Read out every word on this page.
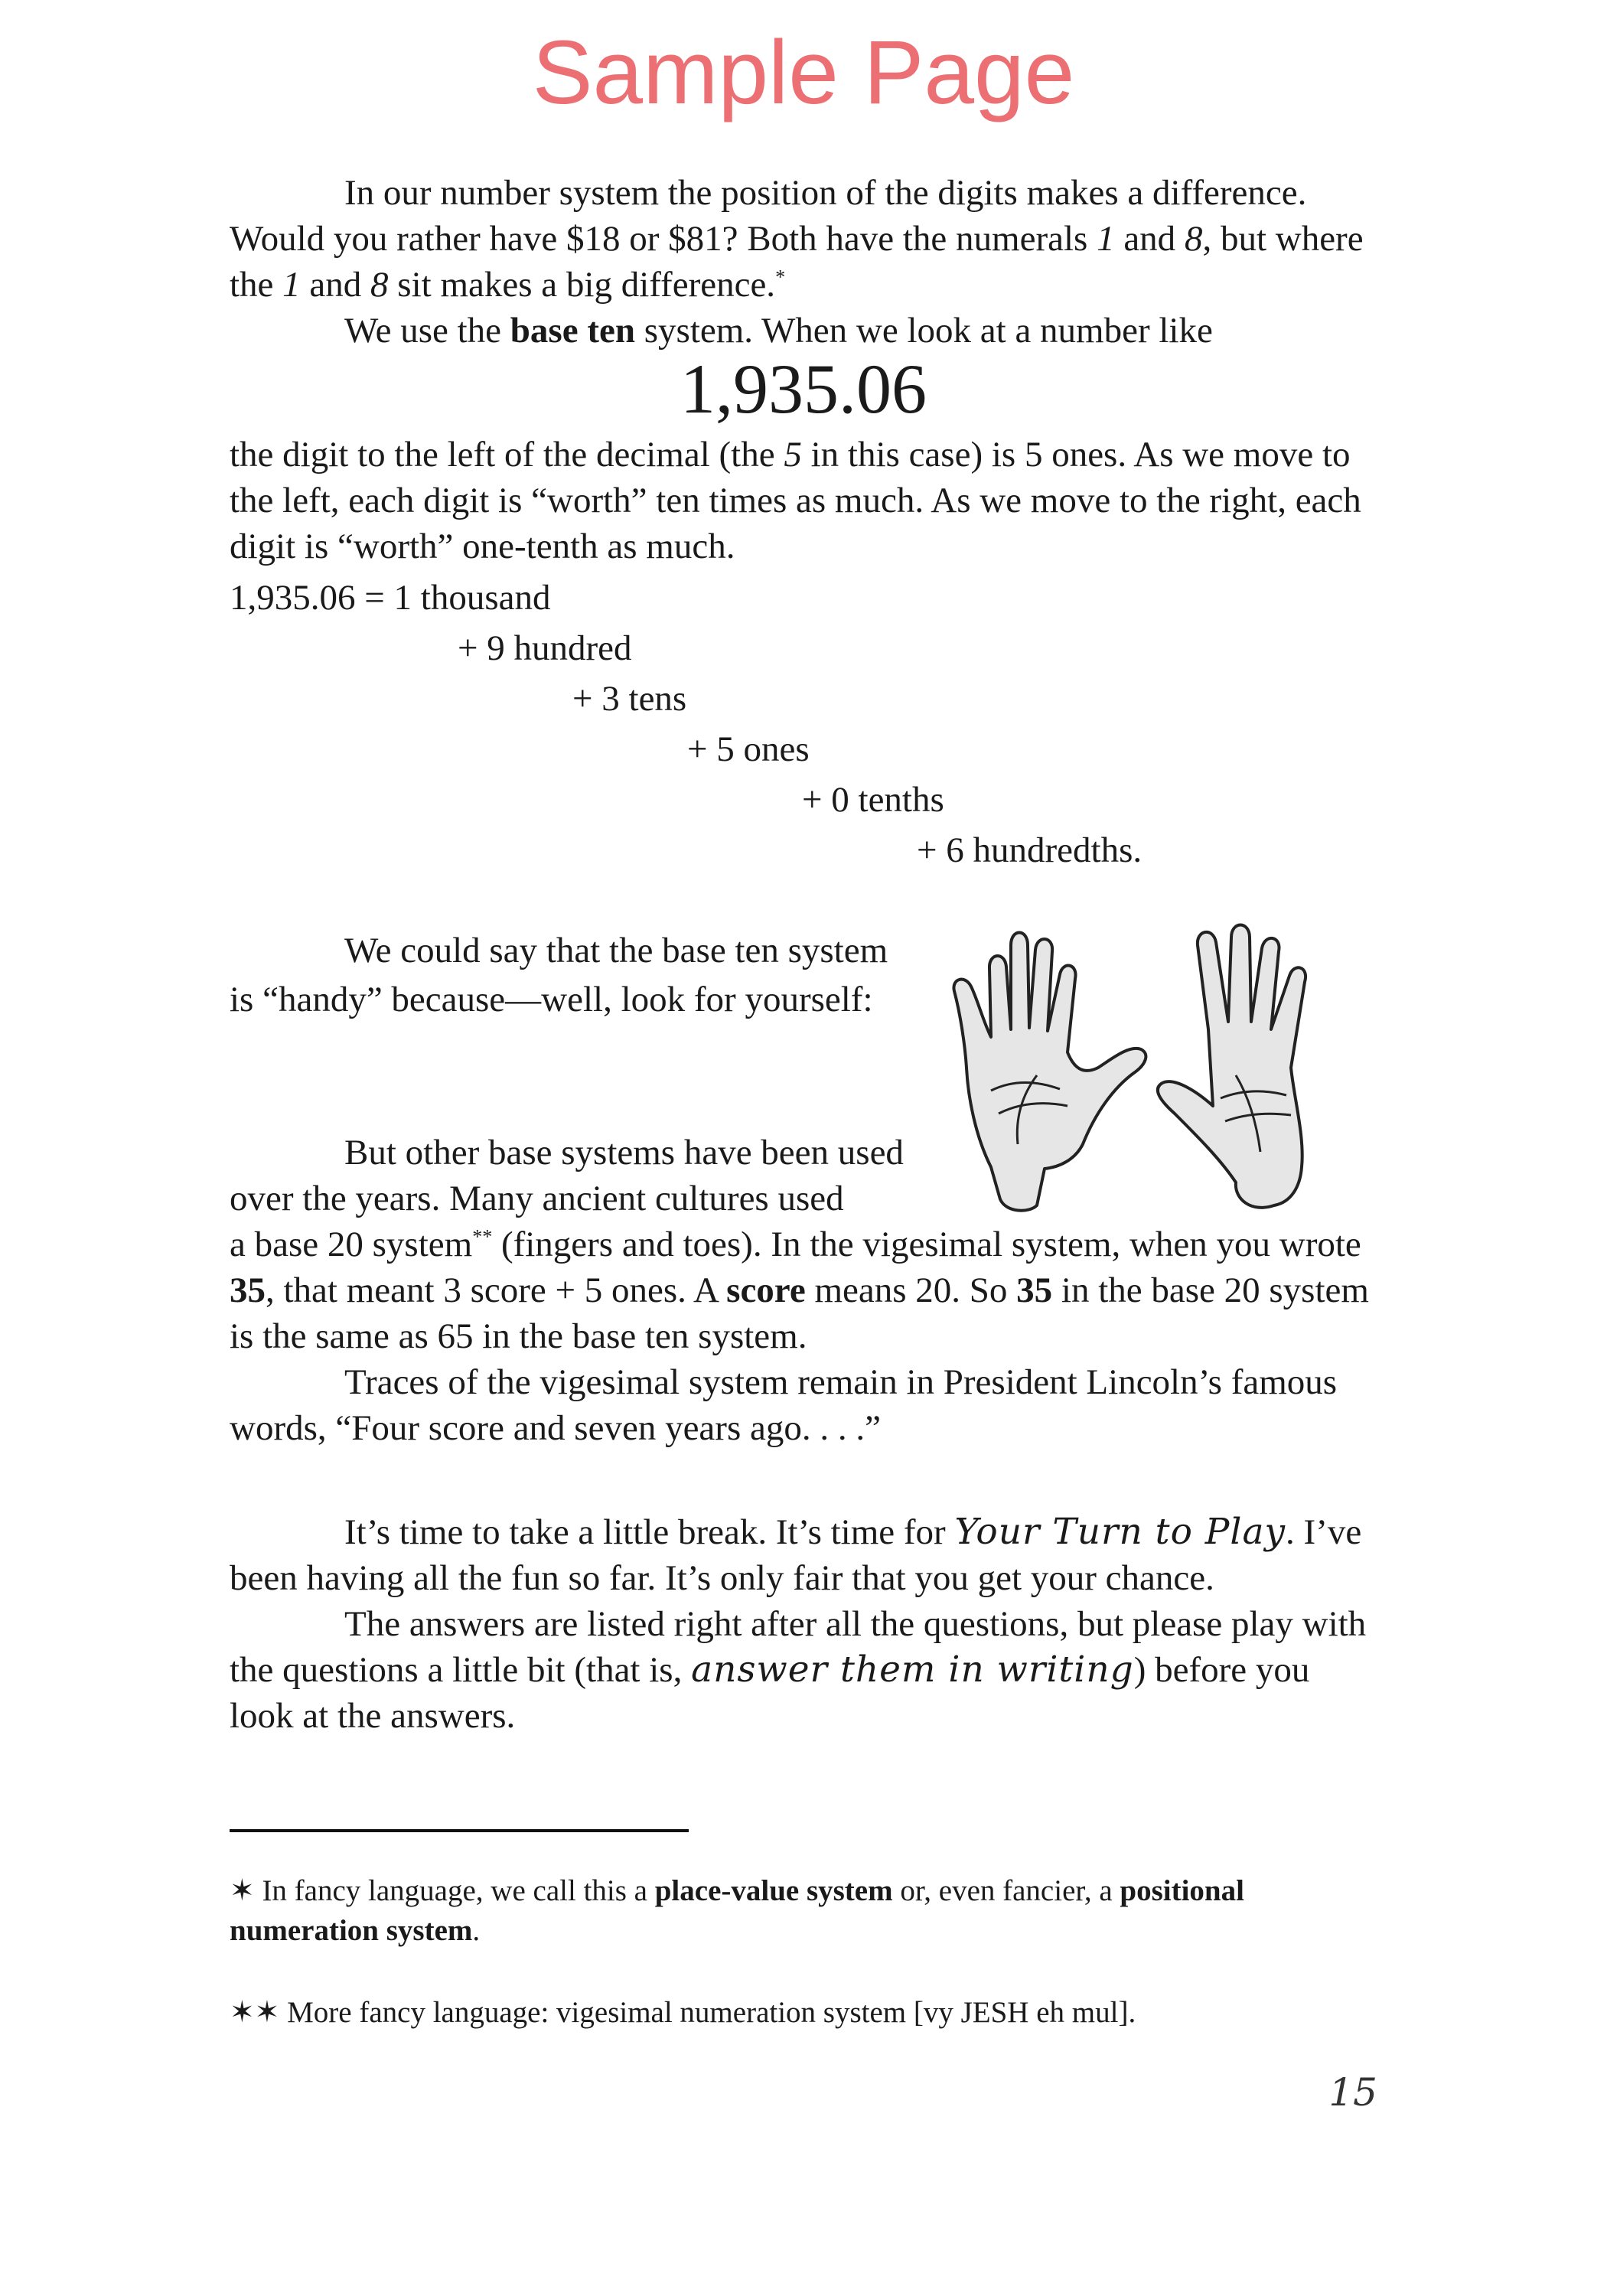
Sample Page

In our number system the position of the digits makes a difference. Would you rather have $18 or $81? Both have the numerals 1 and 8, but where the 1 and 8 sit makes a big difference.*

We use the base ten system. When we look at a number like

1,935.06

the digit to the left of the decimal (the 5 in this case) is 5 ones. As we move to the left, each digit is “worth” ten times as much. As we move to the right, each digit is “worth” one-tenth as much.

1,935.06 = 1 thousand
+ 9 hundred
+ 3 tens
+ 5 ones
+ 0 tenths
+ 6 hundredths.

We could say that the base ten system

is “handy” because—well, look for yourself:

But other base systems have been used

over the years. Many ancient cultures used

a base 20 system** (fingers and toes). In the vigesimal system, when you wrote 35, that meant 3 score + 5 ones. A score means 20. So 35 in the base 20 system is the same as 65 in the base ten system.

Traces of the vigesimal system remain in President Lincoln’s famous words, “Four score and seven years ago. . . .”

It’s time to take a little break. It’s time for Your Turn to Play. I’ve been having all the fun so far. It’s only fair that you get your chance.

The answers are listed right after all the questions, but please play with the questions a little bit (that is, answer them in writing) before you look at the answers.

✶ In fancy language, we call this a place-value system or, even fancier, a positional numeration system.
✶✶ More fancy language: vigesimal numeration system [vy JESH eh mul].
15
